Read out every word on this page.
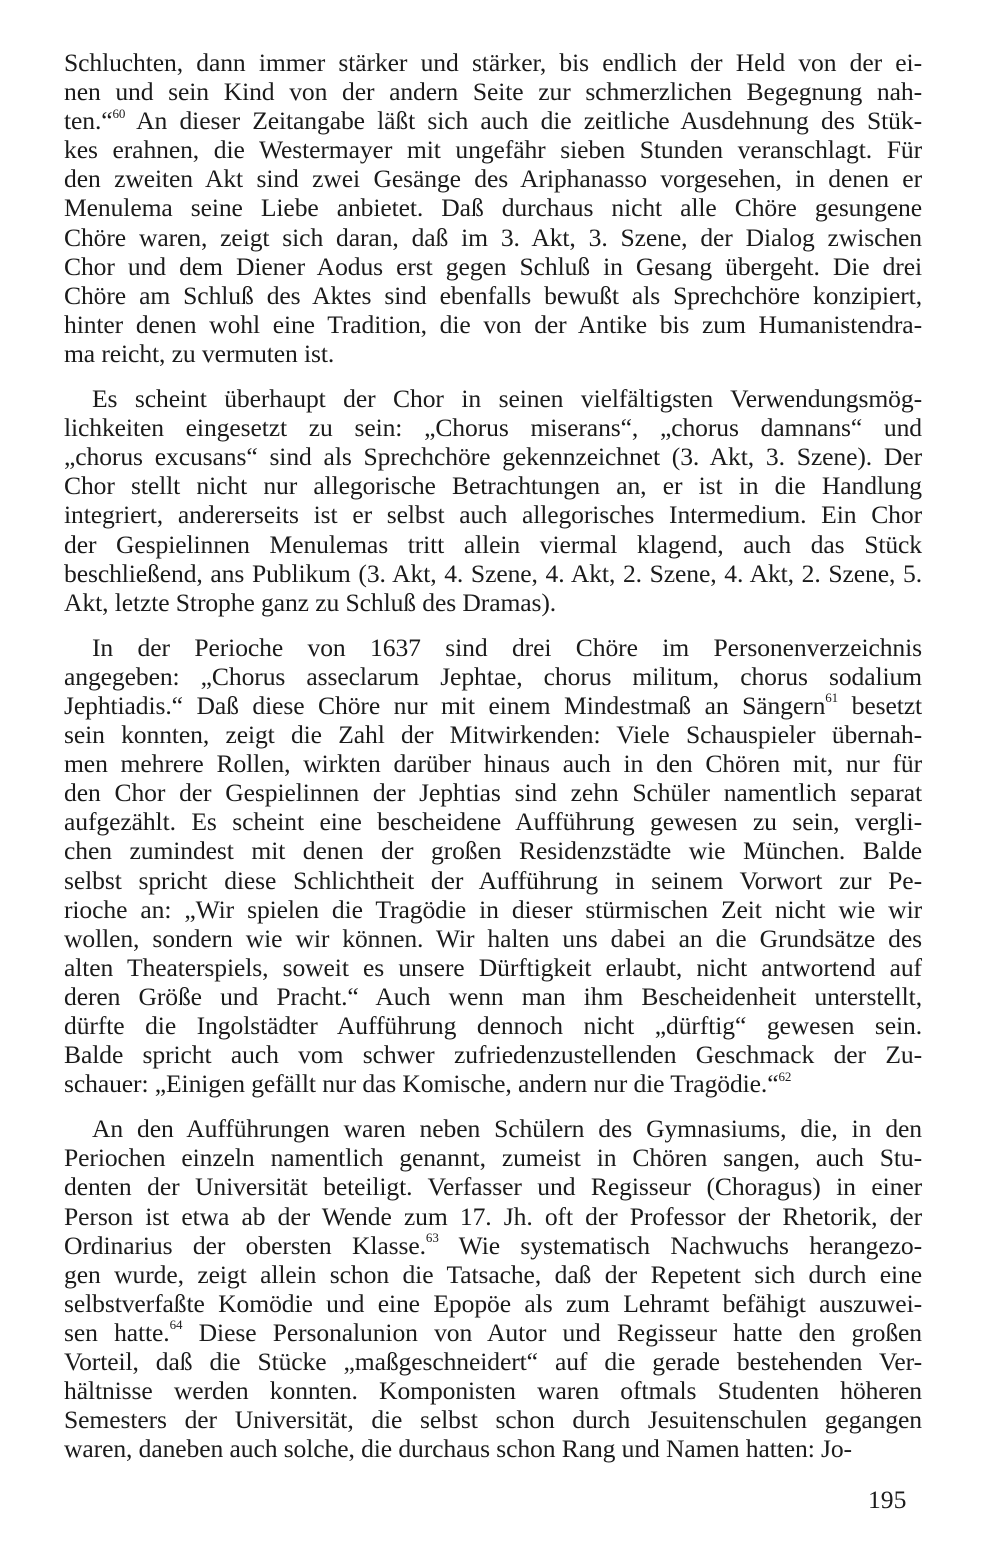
Schluchten, dann immer stärker und stärker, bis endlich der Held von der ei-
nen und sein Kind von der andern Seite zur schmerzlichen Begegnung nah-
ten.“$^{60}$ An dieser Zeitangabe läßt sich auch die zeitliche Ausdehnung des Stük-
kes erahnen, die Westermayer mit ungefähr sieben Stunden veranschlagt. Für
den zweiten Akt sind zwei Gesänge des Ariphanasso vorgesehen, in denen er
Menulema seine Liebe anbietet. Daß durchaus nicht alle Chöre gesungene
Chöre waren, zeigt sich daran, daß im 3. Akt, 3. Szene, der Dialog zwischen
Chor und dem Diener Aodus erst gegen Schluß in Gesang übergeht. Die drei
Chöre am Schluß des Aktes sind ebenfalls bewußt als Sprechchöre konzipiert,
hinter denen wohl eine Tradition, die von der Antike bis zum Humanistendra-
ma reicht, zu vermuten ist.
Es scheint überhaupt der Chor in seinen vielfältigsten Verwendungsmög-
lichkeiten eingesetzt zu sein: „Chorus miserans“, „chorus damnans“ und
„chorus excusans“ sind als Sprechchöre gekennzeichnet (3. Akt, 3. Szene). Der
Chor stellt nicht nur allegorische Betrachtungen an, er ist in die Handlung
integriert, andererseits ist er selbst auch allegorisches Intermedium. Ein Chor
der Gespielinnen Menulemas tritt allein viermal klagend, auch das Stück
beschließend, ans Publikum (3. Akt, 4. Szene, 4. Akt, 2. Szene, 4. Akt, 2. Szene, 5.
Akt, letzte Strophe ganz zu Schluß des Dramas).
In der Perioche von 1637 sind drei Chöre im Personenverzeichnis
angegeben: „Chorus asseclarum Jephtae, chorus militum, chorus sodalium
Jephtiadis.“ Daß diese Chöre nur mit einem Mindestmaß an Sängern$^{61}$ besetzt
sein konnten, zeigt die Zahl der Mitwirkenden: Viele Schauspieler übernah-
men mehrere Rollen, wirkten darüber hinaus auch in den Chören mit, nur für
den Chor der Gespielinnen der Jephtias sind zehn Schüler namentlich separat
aufgezählt. Es scheint eine bescheidene Aufführung gewesen zu sein, vergli-
chen zumindest mit denen der großen Residenzstädte wie München. Balde
selbst spricht diese Schlichtheit der Aufführung in seinem Vorwort zur Pe-
rioche an: „Wir spielen die Tragödie in dieser stürmischen Zeit nicht wie wir
wollen, sondern wie wir können. Wir halten uns dabei an die Grundsätze des
alten Theaterspiels, soweit es unsere Dürftigkeit erlaubt, nicht antwortend auf
deren Größe und Pracht.“ Auch wenn man ihm Bescheidenheit unterstellt,
dürfte die Ingolstädter Aufführung dennoch nicht „dürftig“ gewesen sein.
Balde spricht auch vom schwer zufriedenzustellenden Geschmack der Zu-
schauer: „Einigen gefällt nur das Komische, andern nur die Tragödie.“$^{62}$
An den Aufführungen waren neben Schülern des Gymnasiums, die, in den
Periochen einzeln namentlich genannt, zumeist in Chören sangen, auch Stu-
denten der Universität beteiligt. Verfasser und Regisseur (Choragus) in einer
Person ist etwa ab der Wende zum 17. Jh. oft der Professor der Rhetorik, der
Ordinarius der obersten Klasse.$^{63}$ Wie systematisch Nachwuchs herangezo-
gen wurde, zeigt allein schon die Tatsache, daß der Repetent sich durch eine
selbstverfaßte Komödie und eine Epopöe als zum Lehramt befähigt auszuwei-
sen hatte.$^{64}$ Diese Personalunion von Autor und Regisseur hatte den großen
Vorteil, daß die Stücke „maßgeschneidert“ auf die gerade bestehenden Ver-
hältnisse werden konnten. Komponisten waren oftmals Studenten höheren
Semesters der Universität, die selbst schon durch Jesuitenschulen gegangen
waren, daneben auch solche, die durchaus schon Rang und Namen hatten: Jo-
195
